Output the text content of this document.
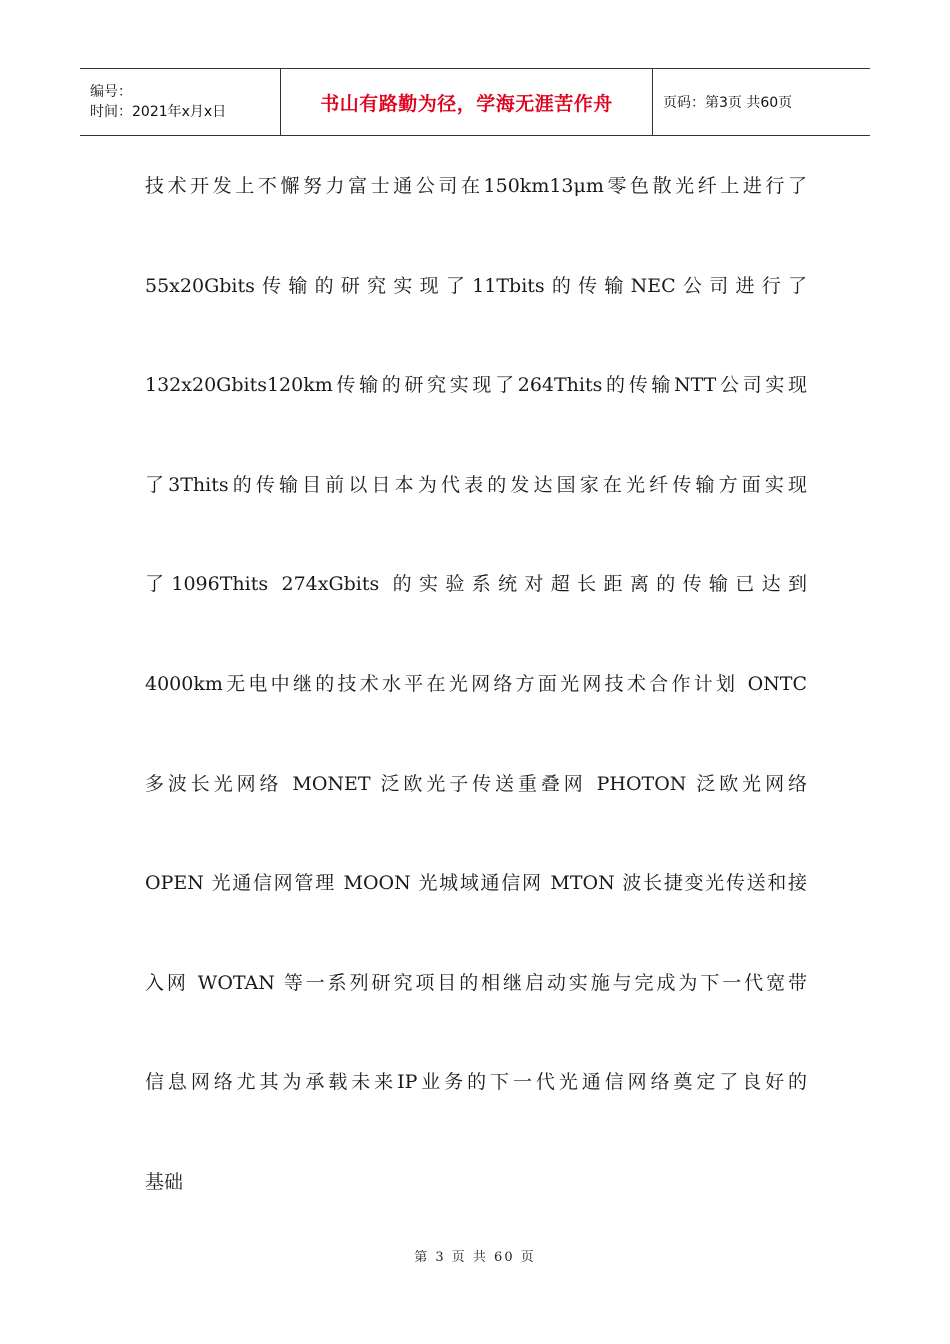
编号：
时间：2021年x月x日	书山有路勤为径，学海无涯苦作舟	页码：第3页 共60页
技术开发上不懈努力富士通公司在150km13μm零色散光纤上进行了
55x20Gbits传输的研究实现了11Tbits的传输NEC公司进行了
132x20Gbits120km传输的研究实现了264Thits的传输NTT公司实现
了3Thits的传输目前以日本为代表的发达国家在光纤传输方面实现
了1096Thits 274xGbits 的实验系统对超长距离的传输已达到
4000km无电中继的技术水平在光网络方面光网技术合作计划 ONTC
多波长光网络 MONET 泛欧光子传送重叠网 PHOTON 泛欧光网络
OPEN 光通信网管理 MOON 光城域通信网 MTON 波长捷变光传送和接
入网 WOTAN 等一系列研究项目的相继启动实施与完成为下一代宽带
信息网络尤其为承载未来IP业务的下一代光通信网络奠定了良好的
基础
第 3 页 共 60 页
